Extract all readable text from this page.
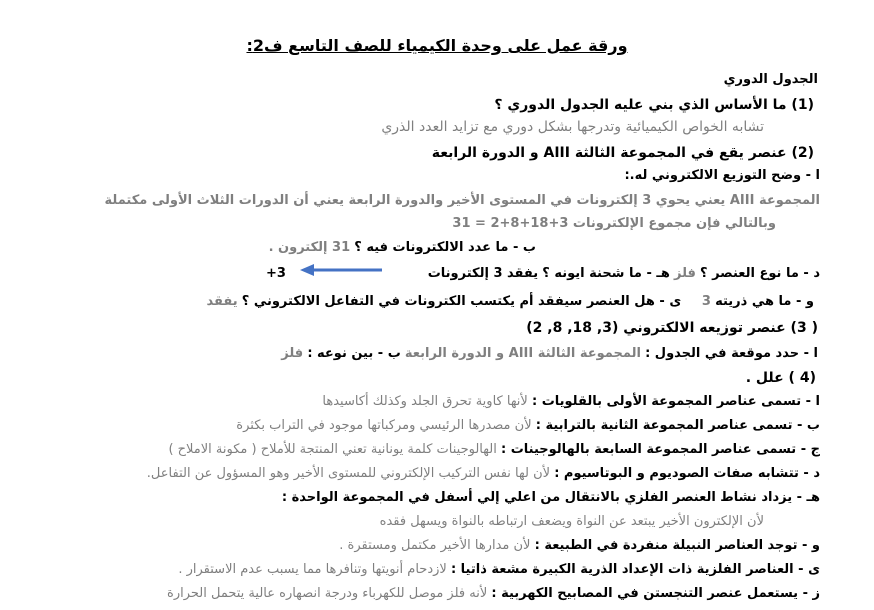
ورقة عمل على وحدة الكيمياء للصف التاسع ف2:
الجدول الدوري
(1) ما الأساس الذي بني عليه الجدول الدوري ؟
تشابه الخواص الكيميائية وتدرجها بشكل دوري مع تزايد العدد الذري
(2) عنصر يقع في المجموعة الثالثة AIII و الدورة الرابعة
ا - وضح التوزيع الالكتروني له.:
المجموعة AIII يعني يحوي 3 إلكترونات في المستوى الأخير والدورة الرابعة يعني أن الدورات الثلاث الأولى مكتملة
وبالتالي فإن مجموع الإلكترونات 3+18+8+2 = 31
ب - ما عدد الالكترونات فيه ؟ 31 إلكترون .
د - ما نوع العنصر ؟ فلز هـ - ما شحنة ايونه ؟ يفقد 3 إلكترونات
+3
و - ما هي ذريته 3     ى - هل العنصر سيفقد أم يكتسب الكترونات في التفاعل الالكتروني ؟ يفقد
( 3) عنصر توزيعه الالكتروني (3, 18, 8, 2)
ا - حدد موقعة في الجدول : المجموعة الثالثة AIII و الدورة الرابعة ب - بين نوعه : فلز
(4 ) علل .
ا - تسمى عناصر المجموعة الأولى بالقلويات : لأنها كاوية تحرق الجلد وكذلك أكاسيدها
ب - تسمى عناصر المجموعة الثانية بالترابية : لأن مصدرها الرئيسي ومركباتها موجود في التراب بكثرة
ج - تسمى عناصر المجموعة السابعة بالهالوجينات : الهالوجينات كلمة يونانية تعني المنتجة للأملاح ( مكونة الاملاح )
د - تتشابه صفات الصوديوم و البوتاسيوم : لأن لها نفس التركيب الإلكتروني للمستوى الأخير وهو المسؤول عن التفاعل.
هـ - يزداد نشاط العنصر الفلزي بالانتقال من اعلي إلي أسفل في المجموعة الواحدة :
لأن الإلكترون الأخير يبتعد عن النواة ويضعف ارتباطه بالنواة ويسهل فقده
و - توجد العناصر النبيلة منفردة في الطبيعة : لأن مدارها الأخير مكتمل ومستقرة .
ى - العناصر الفلزية ذات الإعداد الذرية الكبيرة مشعة ذاتيا : لازدحام أنويتها وتنافرها مما يسبب عدم الاستقرار .
ز - يستعمل عنصر التنجستن في المصابيح الكهربية : لأنه فلز موصل للكهرباء ودرجة انصهاره عالية يتحمل الحرارة
